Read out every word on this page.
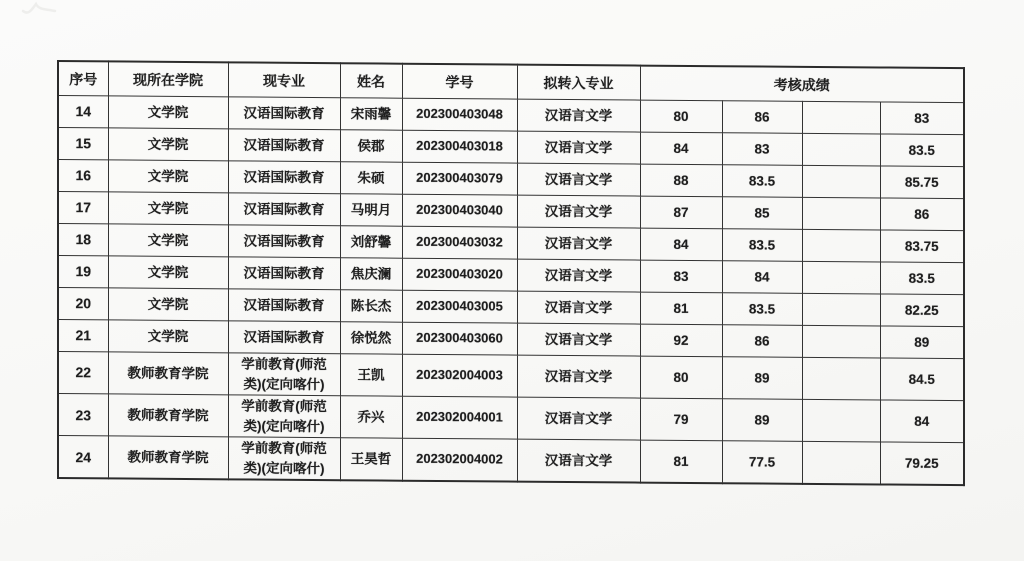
序号	现所在学院	现专业	姓名	学号	拟转入专业	考核成绩			
14	文学院	汉语国际教育	宋雨馨	202300403048	汉语言文学	80	86		83
15	文学院	汉语国际教育	侯郡	202300403018	汉语言文学	84	83		83.5
16	文学院	汉语国际教育	朱硕	202300403079	汉语言文学	88	83.5		85.75
17	文学院	汉语国际教育	马明月	202300403040	汉语言文学	87	85		86
18	文学院	汉语国际教育	刘舒馨	202300403032	汉语言文学	84	83.5		83.75
19	文学院	汉语国际教育	焦庆澜	202300403020	汉语言文学	83	84		83.5
20	文学院	汉语国际教育	陈长杰	202300403005	汉语言文学	81	83.5		82.25
21	文学院	汉语国际教育	徐悦然	202300403060	汉语言文学	92	86		89
22	教师教育学院	学前教育(师范类)(定向喀什)	王凯	202302004003	汉语言文学	80	89		84.5
23	教师教育学院	学前教育(师范类)(定向喀什)	乔兴	202302004001	汉语言文学	79	89		84
24	教师教育学院	学前教育(师范类)(定向喀什)	王昊哲	202302004002	汉语言文学	81	77.5		79.25
